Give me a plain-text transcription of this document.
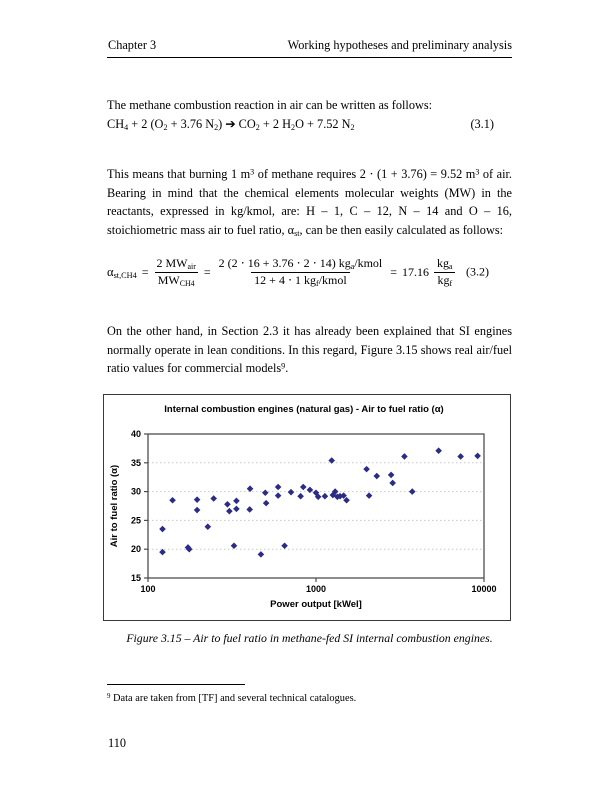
Chapter 3	Working hypotheses and preliminary analysis

The methane combustion reaction in air can be written as follows:

$CH_4 + 2$ ($O_2 + 3.76$ $N_2$) ➔ $CO_2 + 2$ $H_2O + 7.52$ $N_2$	(3.1)

This means that burning 1 $m^3$ of methane requires 2 ⋅ (1 + 3.76) = 9.52 $m^3$ of air. Bearing in mind that the chemical elements molecular weights (MW) in the reactants, expressed in kg/kmol, are: H – 1, C – 12, N – 14 and O – 16, stoichiometric mass air to fuel ratio, $\alpha_{st}$, can be then easily calculated as follows:

$\alpha_{st,CH4} = \frac{2 MW_{air}}{MW_{CH4}} = \frac{2 (2 \cdot 16 + 3.76 \cdot 2 \cdot 14) kg_a/kmol}{12 + 4 \cdot 1 kg_f/kmol} = 17.16 \frac{kg_a}{kg_f} (3.2)$

On the other hand, in Section 2.3 it has already been explained that SI engines normally operate in lean conditions. In this regard, Figure 3.15 shows real air/fuel ratio values for commercial models$^9$.

15
20
25
30
35
40
100	1000	10000
Internal combustion engines (natural gas) - Air to fuel ratio (α)
Power output [kWel]
Air to fuel ratio (α)
Figure 3.15 – Air to fuel ratio in methane-fed SI internal combustion engines.
$^9$ Data are taken from [TF] and several technical catalogues.
110
